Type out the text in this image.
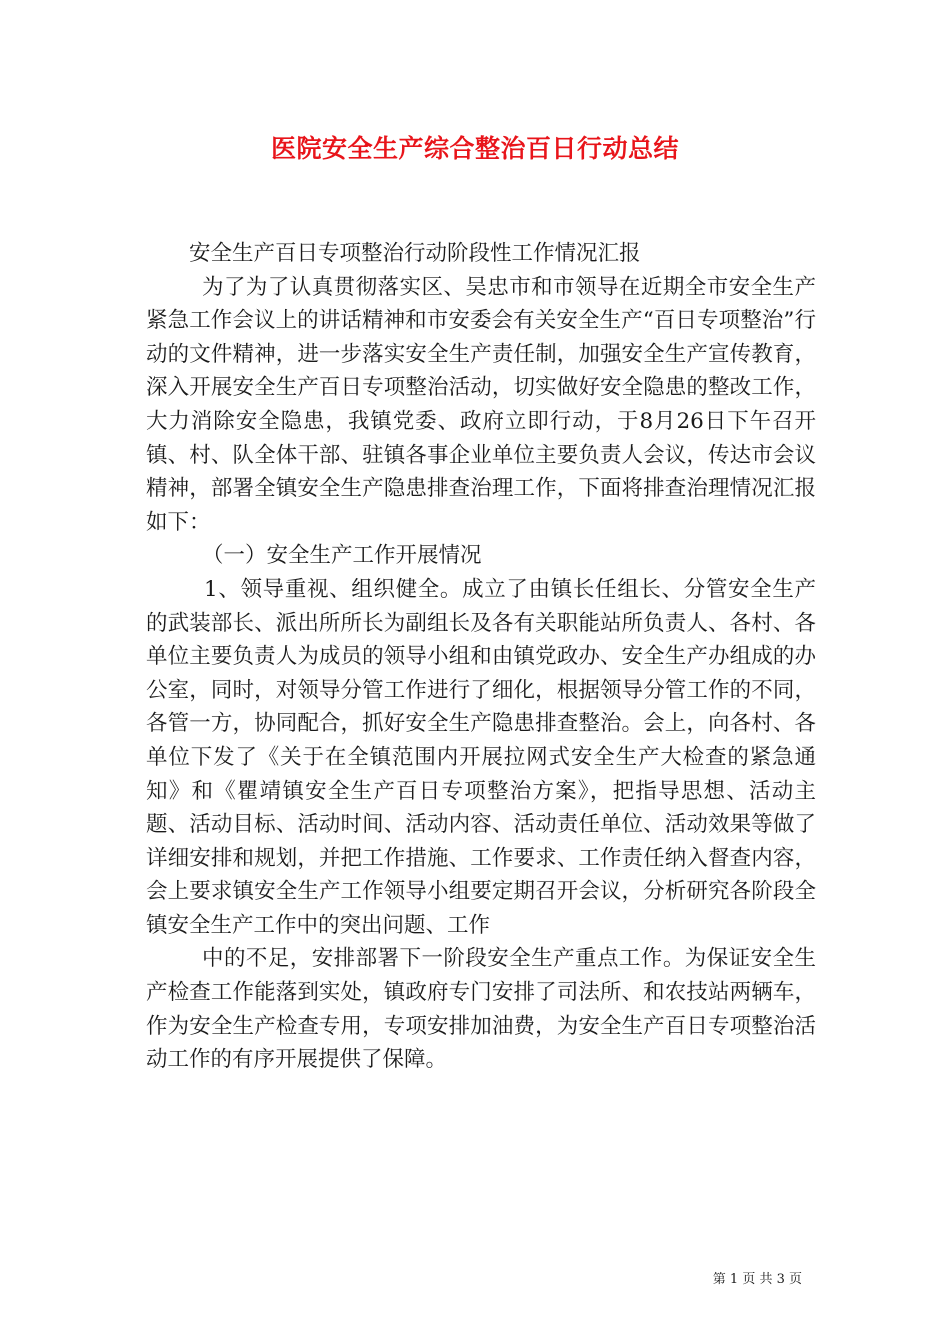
医院安全生产综合整治百日行动总结

安全生产百日专项整治行动阶段性工作情况汇报

为了为了认真贯彻落实区、吴忠市和市领导在近期全市安全生产紧急工作会议上的讲话精神和市安委会有关安全生产“百日专项整治”行动的文件精神，进一步落实安全生产责任制，加强安全生产宣传教育，深入开展安全生产百日专项整治活动，切实做好安全隐患的整改工作，大力消除安全隐患，我镇党委、政府立即行动，于8月26日下午召开镇、村、队全体干部、驻镇各事企业单位主要负责人会议，传达市会议精神，部署全镇安全生产隐患排查治理工作，下面将排查治理情况汇报如下：

（一）安全生产工作开展情况

1、领导重视、组织健全。成立了由镇长任组长、分管安全生产的武装部长、派出所所长为副组长及各有关职能站所负责人、各村、各单位主要负责人为成员的领导小组和由镇党政办、安全生产办组成的办公室，同时，对领导分管工作进行了细化，根据领导分管工作的不同，各管一方，协同配合，抓好安全生产隐患排查整治。会上，向各村、各单位下发了《关于在全镇范围内开展拉网式安全生产大检查的紧急通知》和《瞿靖镇安全生产百日专项整治方案》，把指导思想、活动主题、活动目标、活动时间、活动内容、活动责任单位、活动效果等做了详细安排和规划，并把工作措施、工作要求、工作责任纳入督查内容，会上要求镇安全生产工作领导小组要定期召开会议，分析研究各阶段全镇安全生产工作中的突出问题、工作

中的不足，安排部署下一阶段安全生产重点工作。为保证安全生产检查工作能落到实处，镇政府专门安排了司法所、和农技站两辆车，作为安全生产检查专用，专项安排加油费，为安全生产百日专项整治活动工作的有序开展提供了保障。

第 1 页 共 3 页
